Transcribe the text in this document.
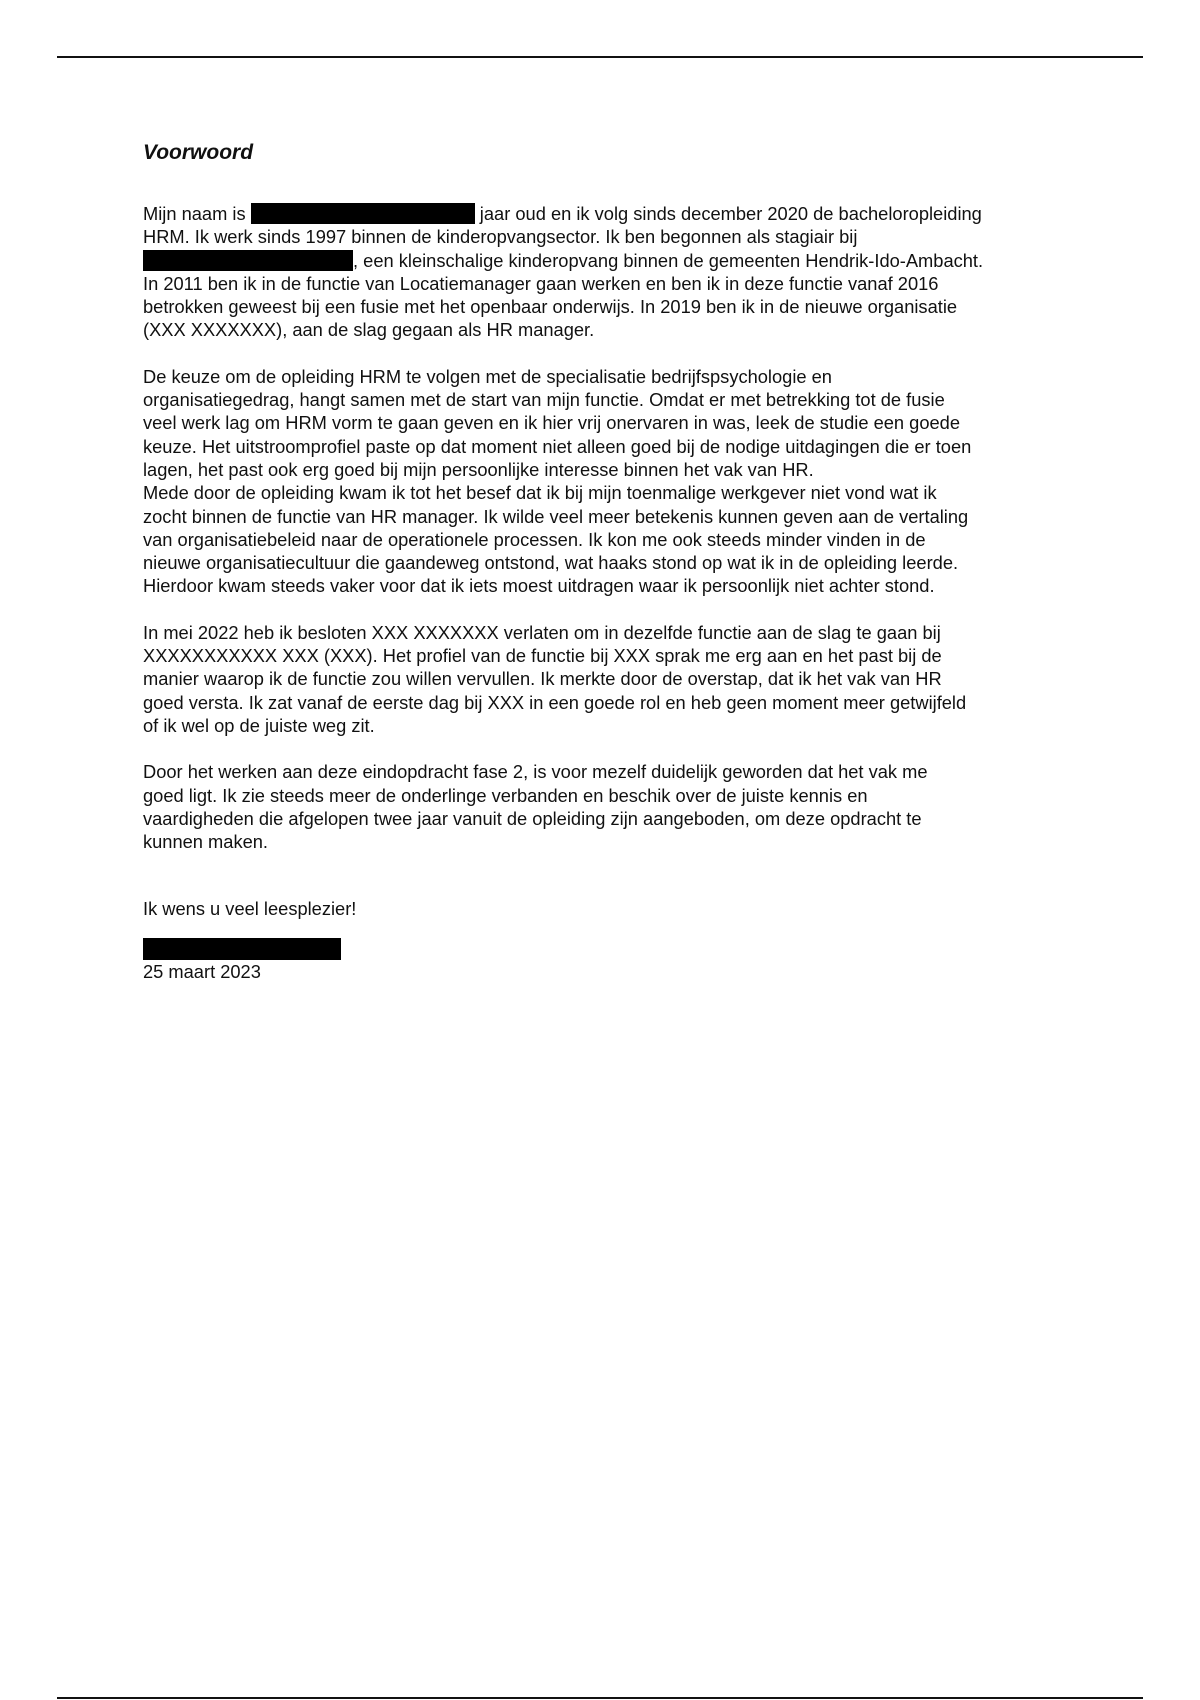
Voorwoord
Mijn naam is	jaar oud en ik volg sinds december 2020 de bacheloropleiding
HRM. Ik werk sinds 1997 binnen de kinderopvangsector. Ik ben begonnen als stagiair bij
, een kleinschalige kinderopvang binnen de gemeenten Hendrik-Ido-Ambacht.
In 2011 ben ik in de functie van Locatiemanager gaan werken en ben ik in deze functie vanaf 2016
betrokken geweest bij een fusie met het openbaar onderwijs. In 2019 ben ik in de nieuwe organisatie
(XXX XXXXXXX), aan de slag gegaan als HR manager.
De keuze om de opleiding HRM te volgen met de specialisatie bedrijfspsychologie en
organisatiegedrag, hangt samen met de start van mijn functie. Omdat er met betrekking tot de fusie
veel werk lag om HRM vorm te gaan geven en ik hier vrij onervaren in was, leek de studie een goede
keuze. Het uitstroomprofiel paste op dat moment niet alleen goed bij de nodige uitdagingen die er toen
lagen, het past ook erg goed bij mijn persoonlijke interesse binnen het vak van HR.
Mede door de opleiding kwam ik tot het besef dat ik bij mijn toenmalige werkgever niet vond wat ik
zocht binnen de functie van HR manager. Ik wilde veel meer betekenis kunnen geven aan de vertaling
van organisatiebeleid naar de operationele processen. Ik kon me ook steeds minder vinden in de
nieuwe organisatiecultuur die gaandeweg ontstond, wat haaks stond op wat ik in de opleiding leerde.
Hierdoor kwam steeds vaker voor dat ik iets moest uitdragen waar ik persoonlijk niet achter stond.
In mei 2022 heb ik besloten XXX XXXXXXX verlaten om in dezelfde functie aan de slag te gaan bij
XXXXXXXXXXX XXX (XXX). Het profiel van de functie bij XXX sprak me erg aan en het past bij de
manier waarop ik de functie zou willen vervullen. Ik merkte door de overstap, dat ik het vak van HR
goed versta. Ik zat vanaf de eerste dag bij XXX in een goede rol en heb geen moment meer getwijfeld
of ik wel op de juiste weg zit.
Door het werken aan deze eindopdracht fase 2, is voor mezelf duidelijk geworden dat het vak me
goed ligt. Ik zie steeds meer de onderlinge verbanden en beschik over de juiste kennis en
vaardigheden die afgelopen twee jaar vanuit de opleiding zijn aangeboden, om deze opdracht te
kunnen maken.
Ik wens u veel leesplezier!
25 maart 2023
